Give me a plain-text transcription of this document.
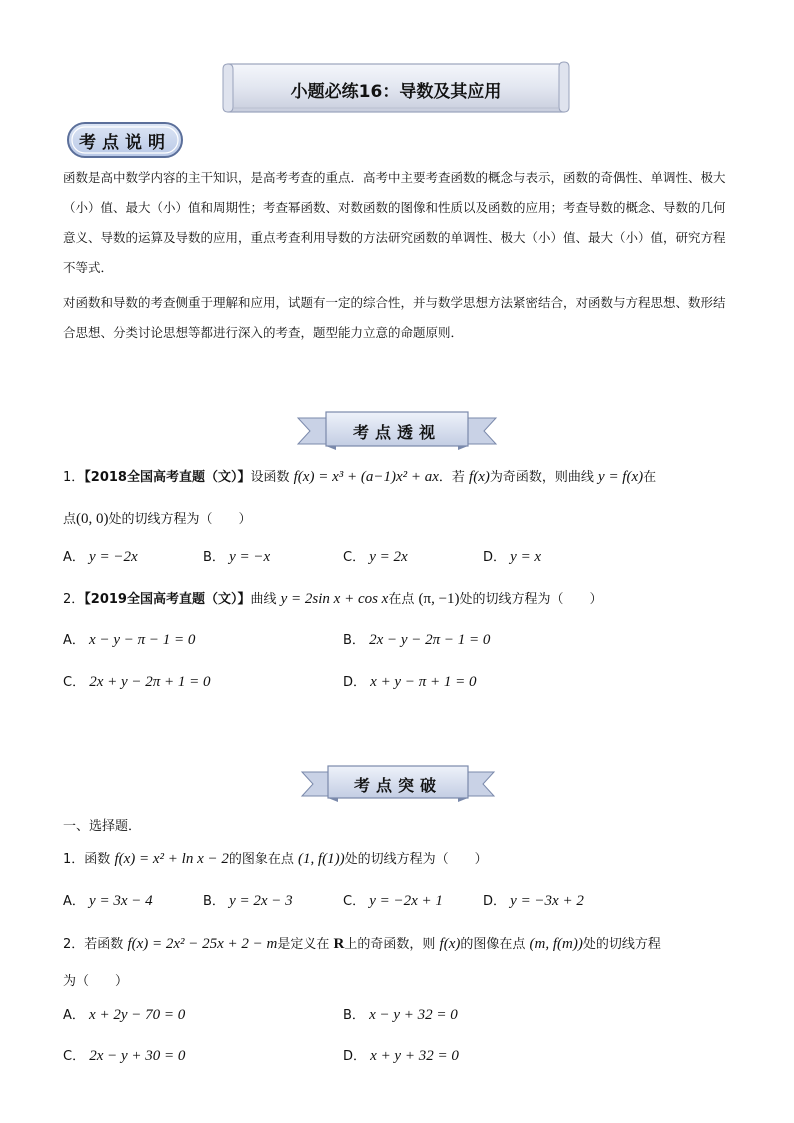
小题必练16：导数及其应用
考点说明
函数是高中数学内容的主干知识，是高考考查的重点．高考中主要考查函数的概念与表示，函数的奇偶性、单调性、极大（小）值、最大（小）值和周期性；考查幂函数、对数函数的图像和性质以及函数的应用；考查导数的概念、导数的几何意义、导数的运算及导数的应用，重点考查利用导数的方法研究函数的单调性、极大（小）值、最大（小）值，研究方程不等式．
对函数和导数的考查侧重于理解和应用，试题有一定的综合性，并与数学思想方法紧密结合，对函数与方程思想、数形结合思想、分类讨论思想等都进行深入的考查，题型能力立意的命题原则．
考点透视
1．【2018全国高考直题（文）】设函数 f(x) = x³ + (a−1)x² + ax．若 f(x)为奇函数，则曲线 y = f(x)在
点(0, 0)处的切线方程为（　　）
A． y = −2x	B． y = −x	C． y = 2x	D． y = x
2．【2019全国高考直题（文）】曲线 y = 2sin x + cos x在点 (π, −1)处的切线方程为（　　）
A． x − y − π − 1 = 0	B． 2x − y − 2π − 1 = 0
C． 2x + y − 2π + 1 = 0	D． x + y − π + 1 = 0
考点突破
一、选择题．
1．函数 f(x) = x² + ln x − 2的图象在点 (1, f(1))处的切线方程为（　　）
A． y = 3x − 4	B． y = 2x − 3	C． y = −2x + 1	D． y = −3x + 2
2．若函数 f(x) = 2x² − 25x + 2 − m是定义在 R上的奇函数，则 f(x)的图像在点 (m, f(m))处的切线方程
为（　　）
A． x + 2y − 70 = 0	B． x − y + 32 = 0
C． 2x − y + 30 = 0	D． x + y + 32 = 0
